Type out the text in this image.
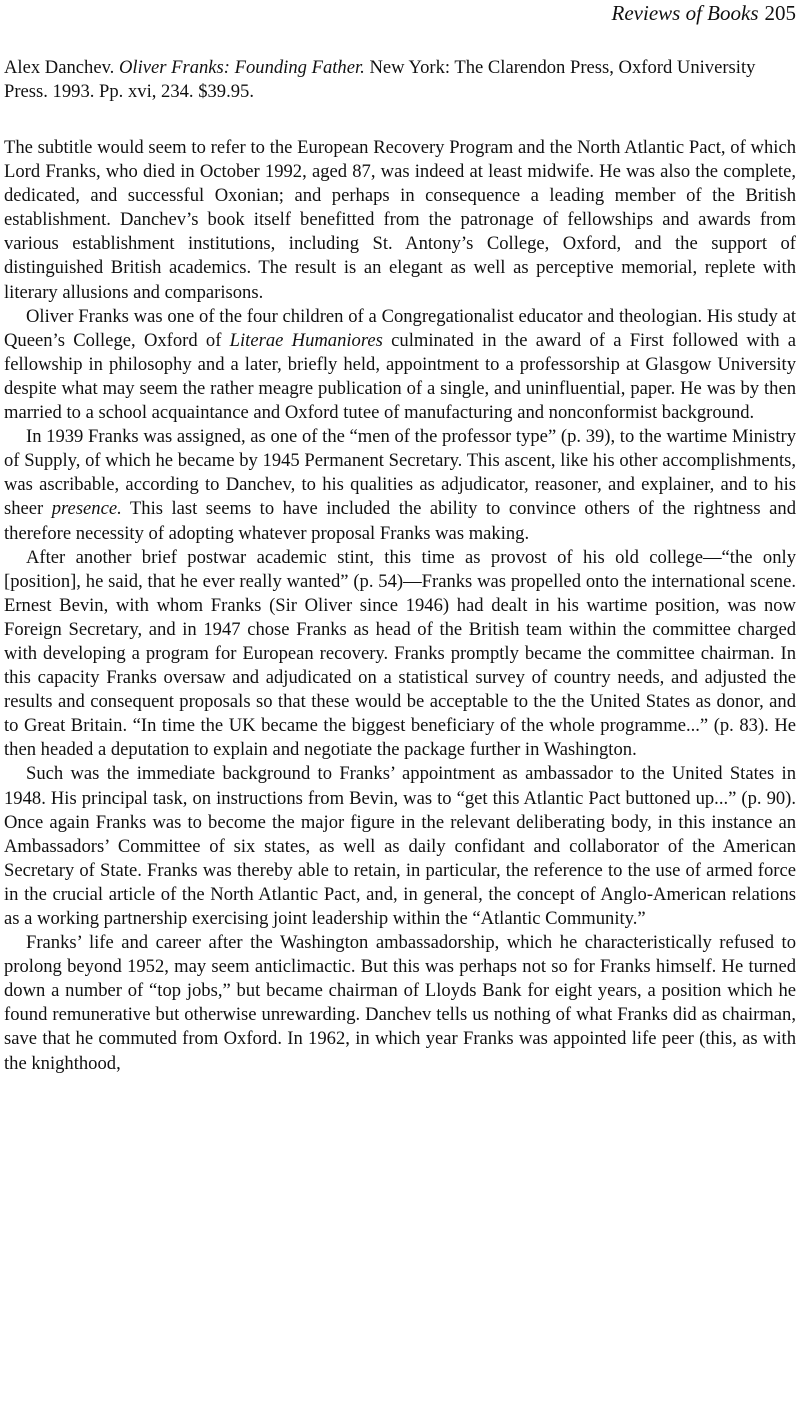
Reviews of Books 205
Alex Danchev. Oliver Franks: Founding Father. New York: The Clarendon Press, Oxford University Press. 1993. Pp. xvi, 234. $39.95.

The subtitle would seem to refer to the European Recovery Program and the North Atlantic Pact, of which Lord Franks, who died in October 1992, aged 87, was indeed at least midwife. He was also the complete, dedicated, and successful Oxonian; and perhaps in consequence a leading member of the British establishment. Danchev’s book itself benefitted from the patronage of fellowships and awards from various establishment institutions, including St. Antony’s College, Oxford, and the support of distinguished British academics. The result is an elegant as well as perceptive memorial, replete with literary allusions and comparisons.

Oliver Franks was one of the four children of a Congregationalist educator and theologian. His study at Queen’s College, Oxford of Literae Humaniores culminated in the award of a First followed with a fellowship in philosophy and a later, briefly held, appointment to a professorship at Glasgow University despite what may seem the rather meagre publication of a single, and uninfluential, paper. He was by then married to a school acquaintance and Oxford tutee of manufacturing and nonconformist background.

In 1939 Franks was assigned, as one of the “men of the professor type” (p. 39), to the wartime Ministry of Supply, of which he became by 1945 Permanent Secretary. This ascent, like his other accomplishments, was ascribable, according to Danchev, to his qualities as adjudicator, reasoner, and explainer, and to his sheer presence. This last seems to have included the ability to convince others of the rightness and therefore necessity of adopting whatever proposal Franks was making.

After another brief postwar academic stint, this time as provost of his old college—“the only [position], he said, that he ever really wanted” (p. 54)—Franks was propelled onto the international scene. Ernest Bevin, with whom Franks (Sir Oliver since 1946) had dealt in his wartime position, was now Foreign Secretary, and in 1947 chose Franks as head of the British team within the committee charged with developing a program for European recovery. Franks promptly became the committee chairman. In this capacity Franks oversaw and adjudicated on a statistical survey of country needs, and adjusted the results and consequent proposals so that these would be acceptable to the the United States as donor, and to Great Britain. “In time the UK became the biggest beneficiary of the whole programme...” (p. 83). He then headed a deputation to explain and negotiate the package further in Washington.

Such was the immediate background to Franks’ appointment as ambassador to the United States in 1948. His principal task, on instructions from Bevin, was to “get this Atlantic Pact buttoned up...” (p. 90). Once again Franks was to become the major figure in the relevant deliberating body, in this instance an Ambassadors’ Committee of six states, as well as daily confidant and collaborator of the American Secretary of State. Franks was thereby able to retain, in particular, the reference to the use of armed force in the crucial article of the North Atlantic Pact, and, in general, the concept of Anglo-American relations as a working partnership exercising joint leadership within the “Atlantic Community.”

Franks’ life and career after the Washington ambassadorship, which he characteristically refused to prolong beyond 1952, may seem anticlimactic. But this was perhaps not so for Franks himself. He turned down a number of “top jobs,” but became chairman of Lloyds Bank for eight years, a position which he found remunerative but otherwise unrewarding. Danchev tells us nothing of what Franks did as chairman, save that he commuted from Oxford. In 1962, in which year Franks was appointed life peer (this, as with the knighthood,
